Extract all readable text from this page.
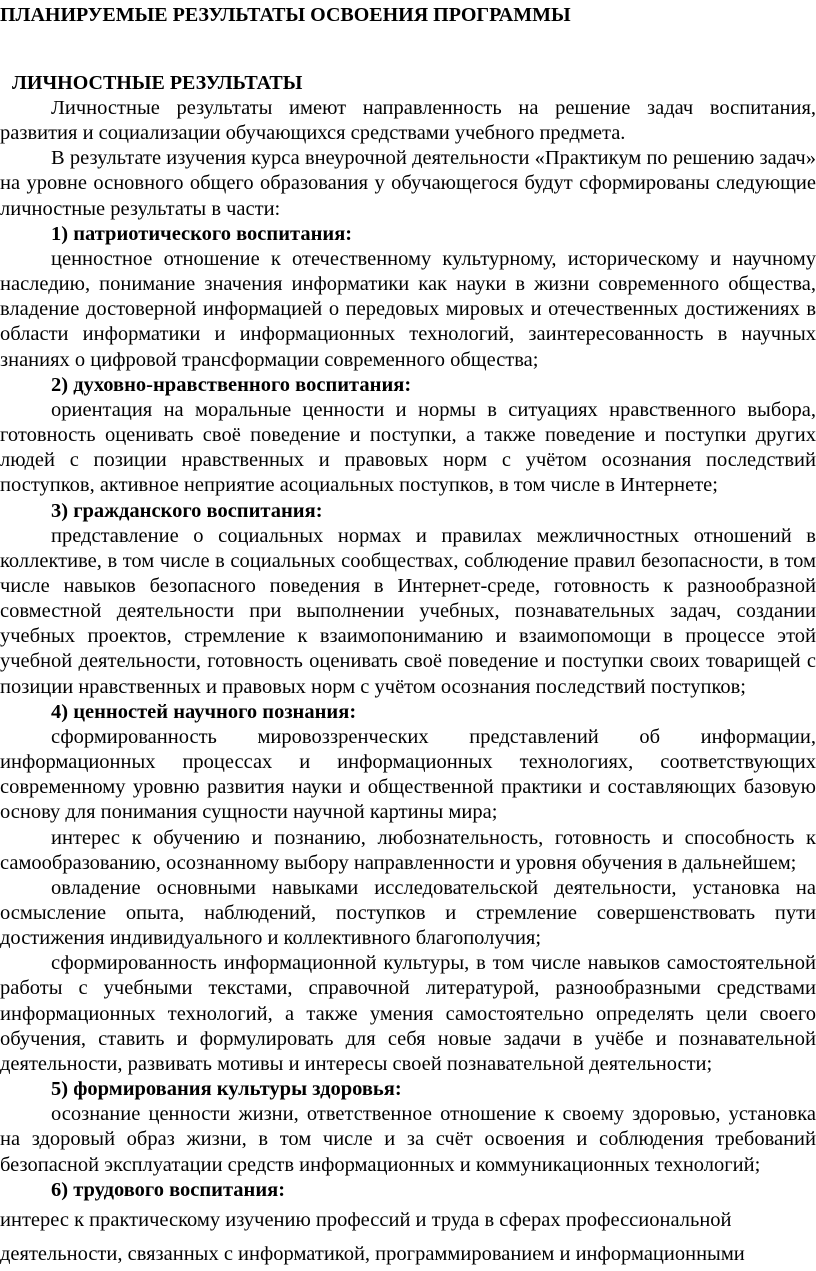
ПЛАНИРУЕМЫЕ РЕЗУЛЬТАТЫ ОСВОЕНИЯ ПРОГРАММЫ
ЛИЧНОСТНЫЕ РЕЗУЛЬТАТЫ

Личностные результаты имеют направленность на решение задач воспитания, развития и социализации обучающихся средствами учебного предмета.

В результате изучения курса внеурочной деятельности «Практикум по решению задач» на уровне основного общего образования у обучающегося будут сформированы следующие личностные результаты в части:

1) патриотического воспитания:

ценностное отношение к отечественному культурному, историческому и научному наследию, понимание значения информатики как науки в жизни современного общества, владение достоверной информацией о передовых мировых и отечественных достижениях в области информатики и информационных технологий, заинтересованность в научных знаниях о цифровой трансформации современного общества;

2) духовно-нравственного воспитания:

ориентация на моральные ценности и нормы в ситуациях нравственного выбора, готовность оценивать своё поведение и поступки, а также поведение и поступки других людей с позиции нравственных и правовых норм с учётом осознания последствий поступков, активное неприятие асоциальных поступков, в том числе в Интернете;

3) гражданского воспитания:

представление о социальных нормах и правилах межличностных отношений в коллективе, в том числе в социальных сообществах, соблюдение правил безопасности, в том числе навыков безопасного поведения в Интернет-среде, готовность к разнообразной совместной деятельности при выполнении учебных, познавательных задач, создании учебных проектов, стремление к взаимопониманию и взаимопомощи в процессе этой учебной деятельности, готовность оценивать своё поведение и поступки своих товарищей с позиции нравственных и правовых норм с учётом осознания последствий поступков;

4) ценностей научного познания:

сформированность мировоззренческих представлений об информации, информационных процессах и информационных технологиях, соответствующих современному уровню развития науки и общественной практики и составляющих базовую основу для понимания сущности научной картины мира;

интерес к обучению и познанию, любознательность, готовность и способность к самообразованию, осознанному выбору направленности и уровня обучения в дальнейшем;

овладение основными навыками исследовательской деятельности, установка на осмысление опыта, наблюдений, поступков и стремление совершенствовать пути достижения индивидуального и коллективного благополучия;

сформированность информационной культуры, в том числе навыков самостоятельной работы с учебными текстами, справочной литературой, разнообразными средствами информационных технологий, а также умения самостоятельно определять цели своего обучения, ставить и формулировать для себя новые задачи в учёбе и познавательной деятельности, развивать мотивы и интересы своей познавательной деятельности;

5) формирования культуры здоровья:

осознание ценности жизни, ответственное отношение к своему здоровью, установка на здоровый образ жизни, в том числе и за счёт освоения и соблюдения требований безопасной эксплуатации средств информационных и коммуникационных технологий;

6) трудового воспитания:

интерес к практическому изучению профессий и труда в сферах профессиональной деятельности, связанных с информатикой, программированием и информационными
